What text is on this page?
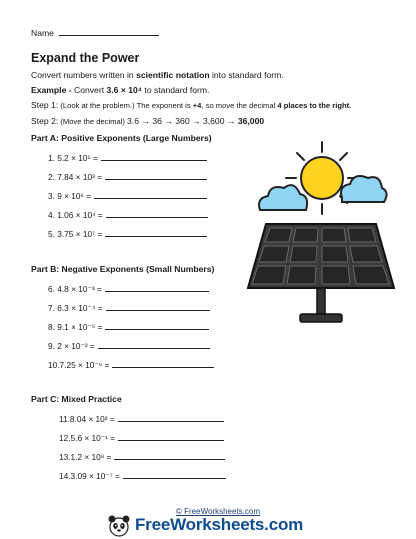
Name
Expand the Power
Convert numbers written in scientific notation into standard form.
Example - Convert 3.6 × 10⁴ to standard form.
Step 1: (Look at the problem.) The exponent is +4, so move the decimal 4 places to the right.
Step 2: (Move the decimal) 3.6 → 36 → 360 → 3,600 → 36,000
Part A: Positive Exponents (Large Numbers)
1. 5.2 × 10⁵ =
2. 7.84 × 10³ =
3. 9 × 10⁶ =
4. 1.06 × 10⁴ =
5. 3.75 × 10⁷ =
Part B: Negative Exponents (Small Numbers)
6. 4.8 × 10⁻³ =
7. 6.3 × 10⁻⁴ =
8. 9.1 × 10⁻⁵ =
9. 2 × 10⁻² =
10.7.25 × 10⁻⁶ =
Part C: Mixed Practice
11.8.04 × 10³ =
12.5.6 × 10⁻¹ =
13.1.2 × 10⁸ =
14.3.09 × 10⁻⁷ =
© FreeWorksheets.com
FreeWorksheets.com
